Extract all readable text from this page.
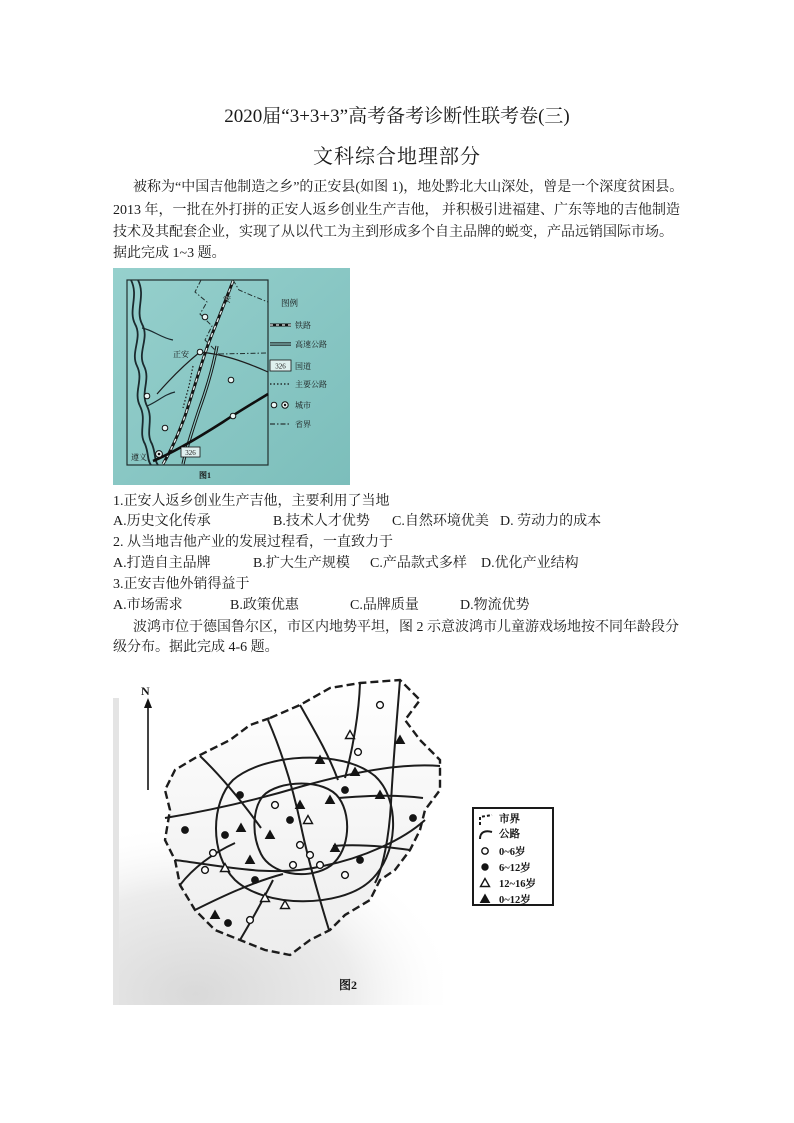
2020届“3+3+3”高考备考诊断性联考卷(三)
文科综合地理部分
被称为“中国吉他制造之乡”的正安县(如图 1)，地处黔北大山深处，曾是一个深度贫困县。
2013 年，一批在外打拼的正安人返乡创业生产吉他， 并积极引进福建、广东等地的吉他制造
技术及其配套企业，实现了从以代工为主到形成多个自主品牌的蜕变，产品远销国际市场。
据此完成 1~3 题。
安
正安
遵义	326
图例
铁路
高速公路
326 国道
主要公路
城市
省界
图1
1.正安人返乡创业生产吉他，主要利用了当地
A.历史文化传承	B.技术人才优势 C.自然环境优美 D. 劳动力的成本
2. 从当地吉他产业的发展过程看，一直致力于
A.打造自主品牌	B.扩大生产规模 C.产品款式多样 D.优化产业结构
3.正安吉他外销得益于
A.市场需求	B.政策优惠	C.品牌质量	D.物流优势
波鸿市位于德国鲁尔区，市区内地势平坦，图 2 示意波鸿市儿童游戏场地按不同年龄段分
级分布。据此完成 4-6 题。
N
市界
公路
0~6岁
6~12岁
12~16岁
0~12岁
图2
